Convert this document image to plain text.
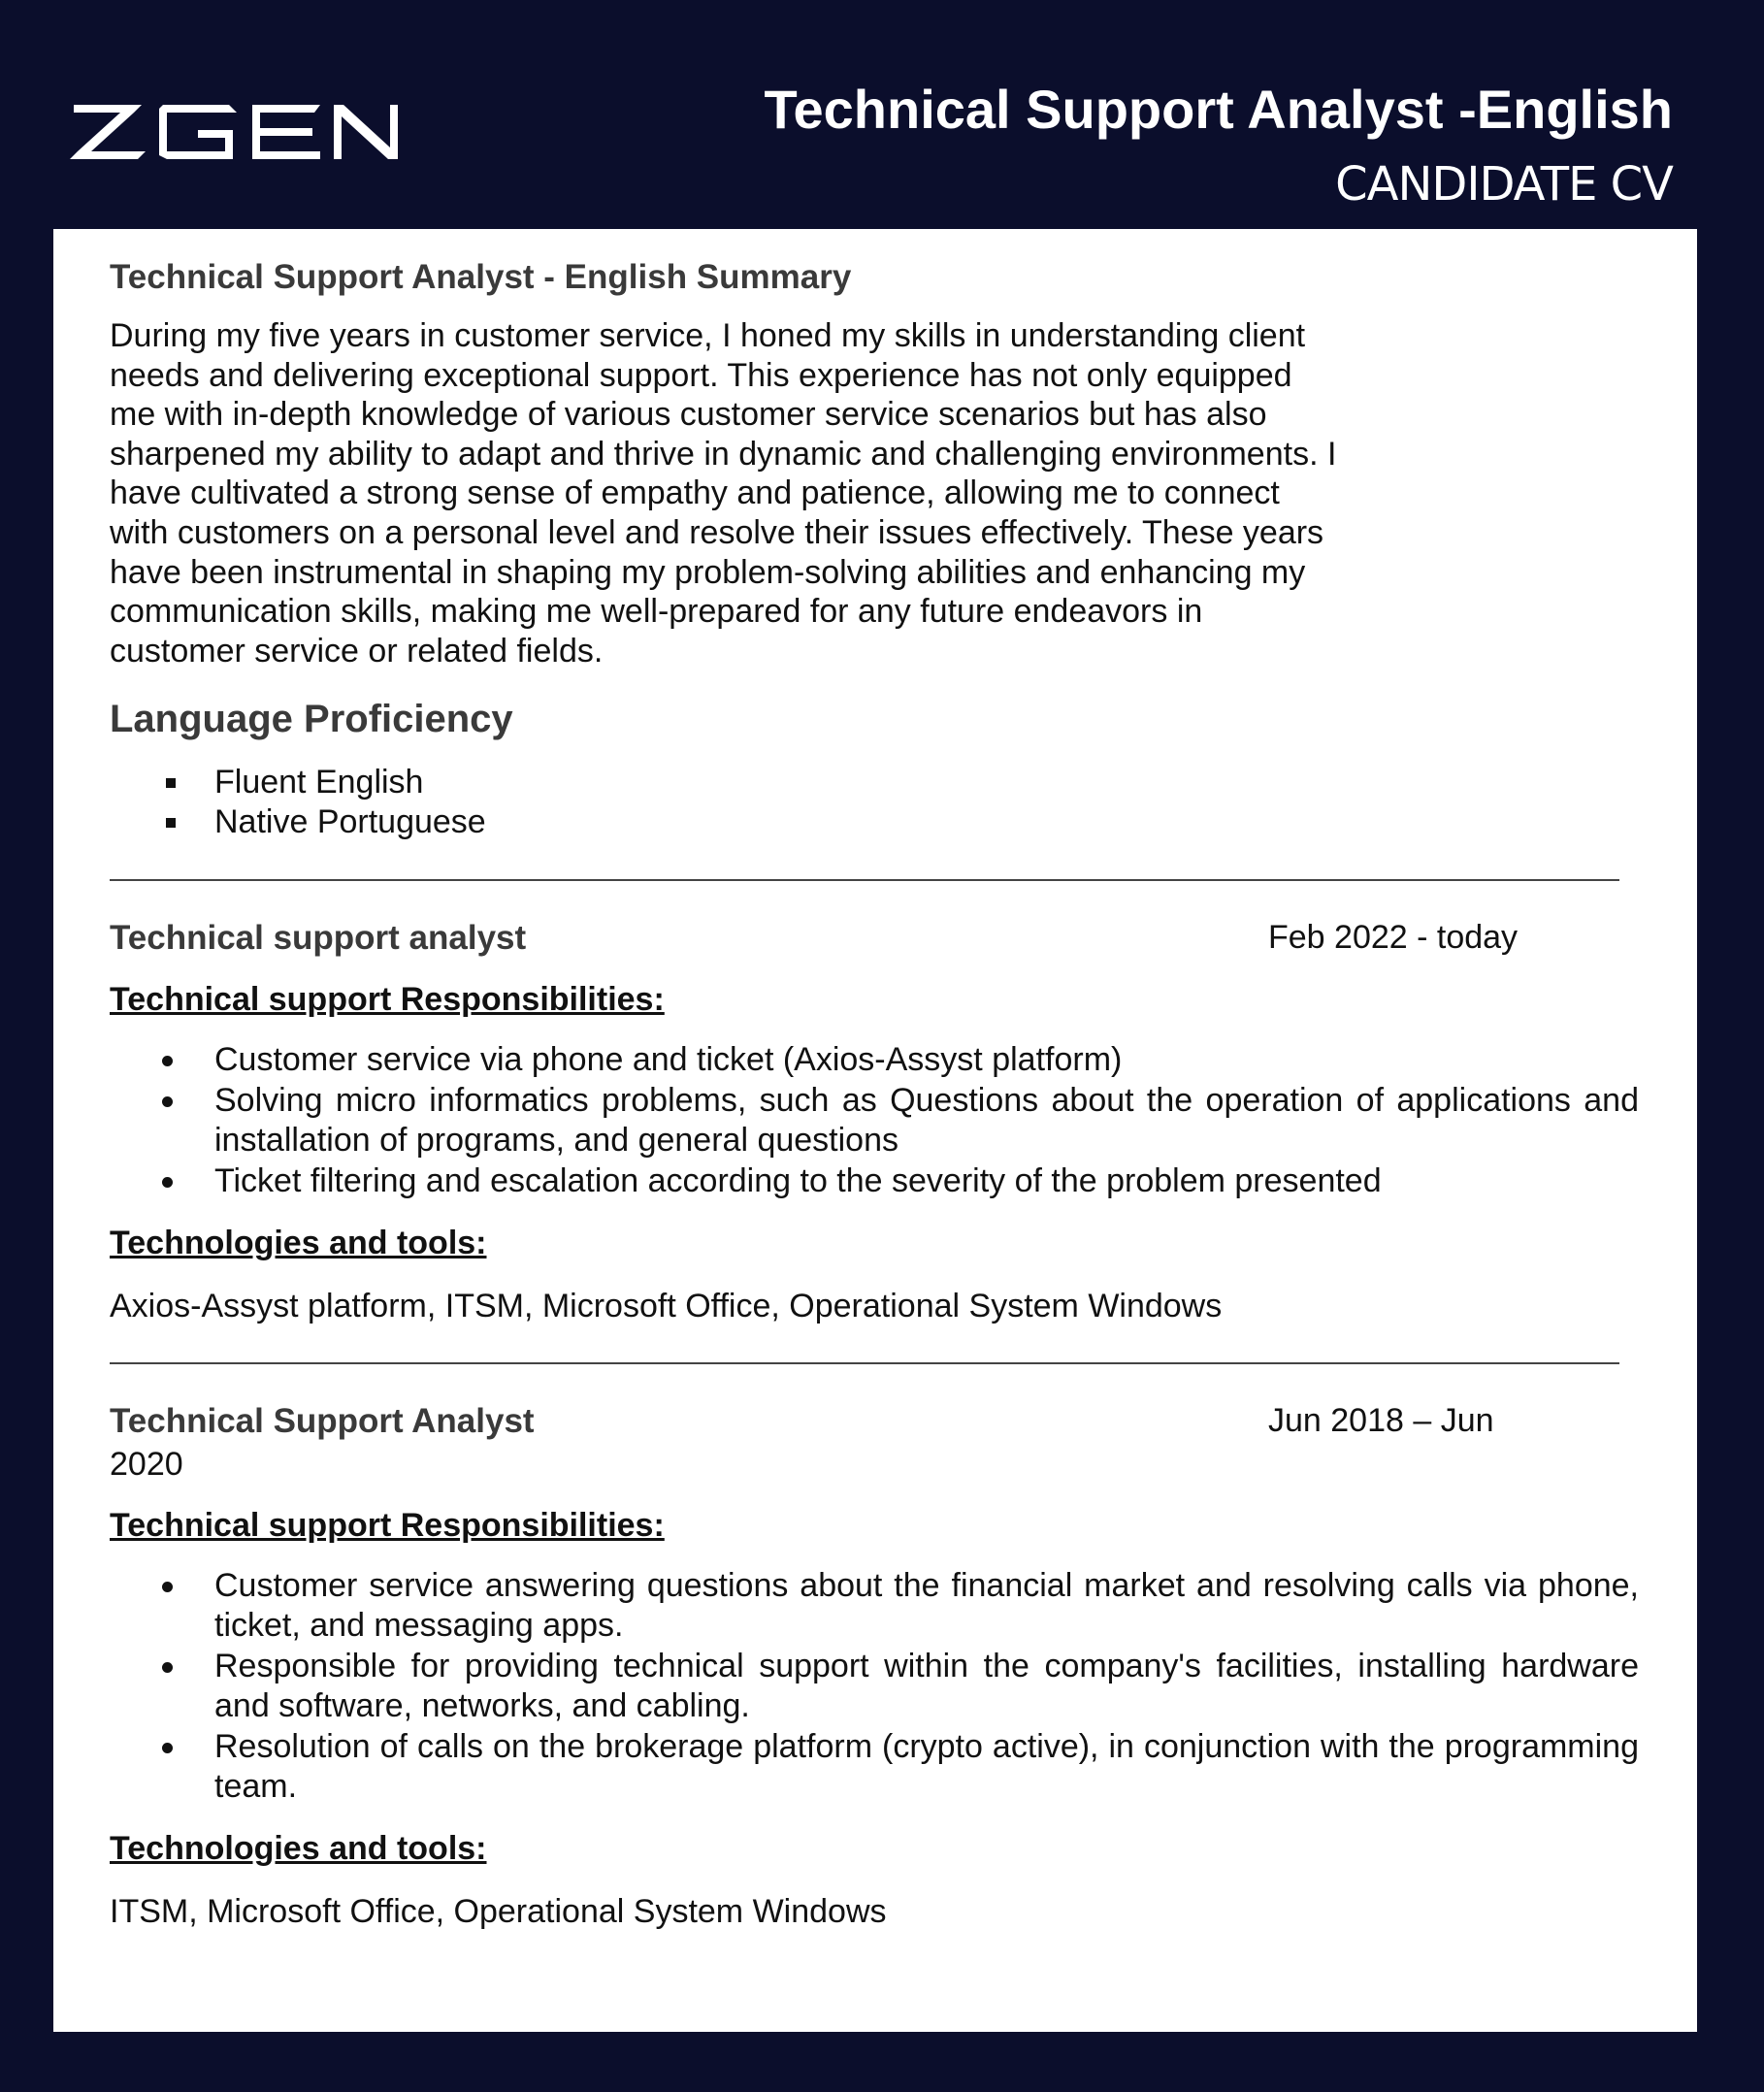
Technical Support Analyst -English
CANDIDATE CV
Technical Support Analyst - English Summary

During my five years in customer service, I honed my skills in understanding client
needs and delivering exceptional support. This experience has not only equipped
me with in-depth knowledge of various customer service scenarios but has also
sharpened my ability to adapt and thrive in dynamic and challenging environments. I
have cultivated a strong sense of empathy and patience, allowing me to connect
with customers on a personal level and resolve their issues effectively. These years
have been instrumental in shaping my problem-solving abilities and enhancing my
communication skills, making me well-prepared for any future endeavors in
customer service or related fields.

Language Proficiency
Fluent English
Native Portuguese
Technical support analyst	Feb 2022 - today
Technical support Responsibilities:
Customer service via phone and ticket (Axios-Assyst platform)
Solving micro informatics problems, such as Questions about the operation of applications and installation of programs, and general questions
Ticket filtering and escalation according to the severity of the problem presented
Technologies and tools:

Axios-Assyst platform, ITSM, Microsoft Office, Operational System Windows

Technical Support Analyst	Jun 2018 – Jun
2020
Technical support Responsibilities:
Customer service answering questions about the financial market and resolving calls via phone, ticket, and messaging apps.
Responsible for providing technical support within the company's facilities, installing hardware and software, networks, and cabling.
Resolution of calls on the brokerage platform (crypto active), in conjunction with the programming team.
Technologies and tools:

ITSM, Microsoft Office, Operational System Windows
